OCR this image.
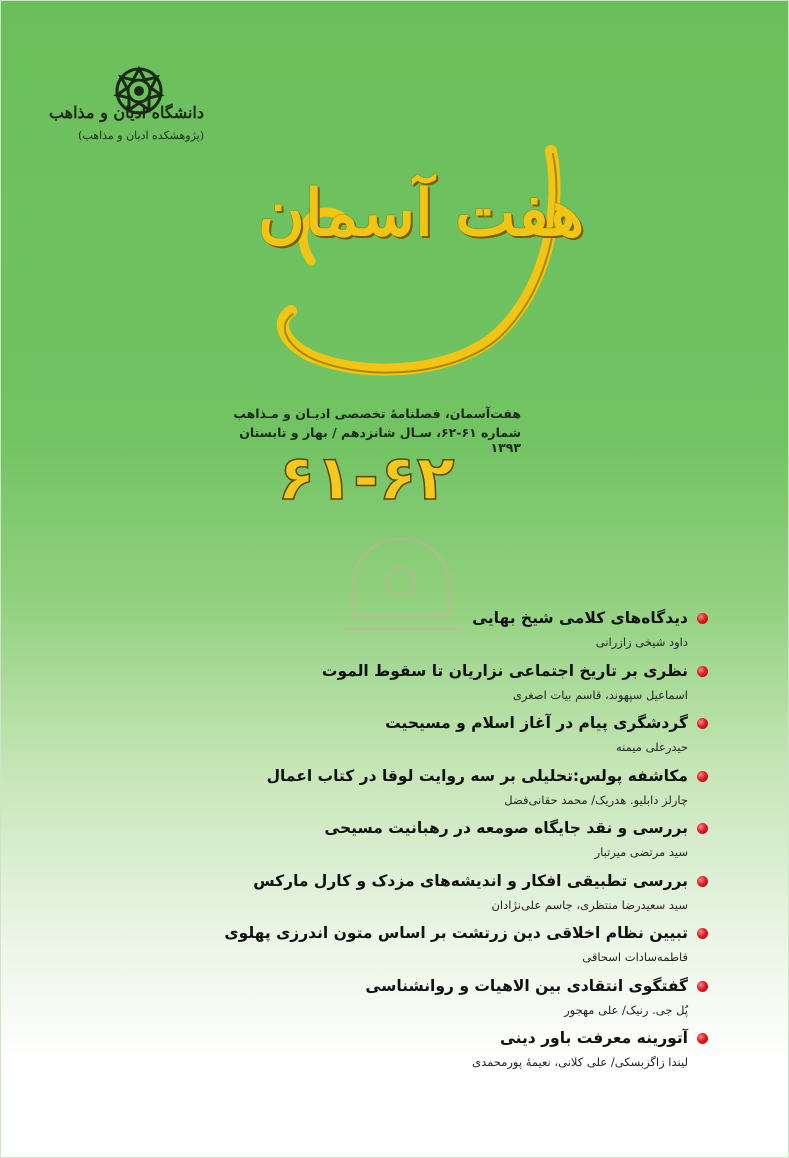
دانشگاه ادیان و مذاهب
(پژوهشکده ادیان و مذاهب)
هفت آسمان
هفت‌آسمان، فصلنامهٔ تخصصی ادیـان و مـذاهب
شماره ۶۱-۶۲، سـال شانزدهم / بهار و تابستان ۱۳۹۳
۶۱-۶۲
دیدگاه‌های کلامی شیخ بهایی
داود شیخی زازرانی
نظری بر تاریخ اجتماعی نزاریان تا سقوط الموت
اسماعیل سپهوند، قاسم بیات اصغری
گردشگری پیام در آغاز اسلام و مسیحیت
حیدرعلی میمنه
مکاشفه پولس:تحلیلی بر سه روایت لوقا در کتاب اعمال
چارلز دابلیو. هدریک/ محمد حقانی‌فضل
بررسی و نقد جایگاه صومعه در رهبانیت مسیحی
سید مرتضی میرتبار
بررسی تطبیقی افکار و اندیشه‌های مزدک و کارل مارکس
سید سعیدرضا منتظری، جاسم علی‌نژادان
تبیین نظام اخلاقی دین زرتشت بر اساس متون اندرزی پهلوی
فاطمه‌سادات اسحاقی
گفتگوی انتقادی بین الاهیات و روانشناسی
پُل جی. رنیک/ علی مهجور
آتورینه معرفت باور دینی
لیندا زاگزبسکی/ علی کلانی، نعیمهٔ پورمحمدی
